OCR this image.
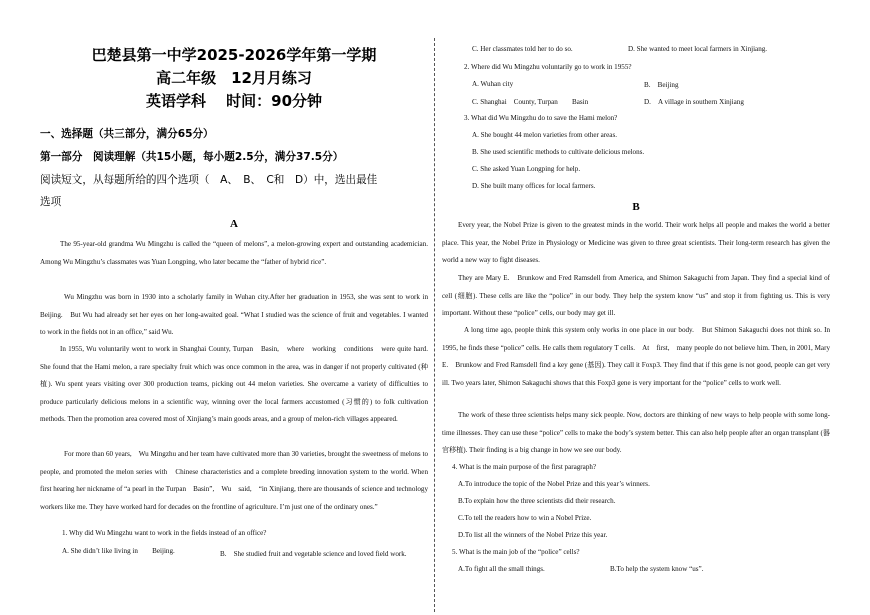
巴楚县第一中学2025-2026学年第一学期
高二年级　12月月练习
英语学科　 时间：90分钟
一、选择题（共三部分，满分65分）
第一部分　阅读理解（共15小题，每小题2.5分，满分37.5分）
阅读短文，从每题所给的四个选项（　A、　B、　C和　D）中，选出最佳
选项
A

The 95-year-old grandma Wu Mingzhu is called the “queen of melons”, a melon-growing expert and outstanding academician. Among Wu Mingzhu’s classmates was Yuan Longping, who later became the “father of hybrid rice”.

Wu Mingzhu was born in 1930 into a scholarly family in Wuhan city.After her graduation in 1953, she was sent to work in　Beijing.　But Wu had already set her eyes on her long-awaited goal. “What I studied was the science of fruit and vegetables. I wanted to work in the fields not in an office,” said Wu.

In 1955, Wu voluntarily went to work in Shanghai County, Turpan　Basin,　where　working　conditions　were quite hard. She found that the Hami melon, a rare specialty fruit which was once common in the area, was in danger if not properly cultivated (种植). Wu spent years visiting over 300 production teams, picking out 44 melon varieties. She overcame a variety of difficulties to produce particularly delicious melons in a scientific way, winning over the local farmers accustomed (习惯的) to folk cultivation methods. Then the promotion area covered most of Xinjiang’s main goods areas, and a group of melon-rich villages appeared.

For more than 60 years,　Wu Mingzhu and her team have cultivated more than 30 varieties, brought the sweetness of melons to people, and promoted the melon series with　Chinese characteristics and a complete breeding innovation system to the world. When first hearing her nickname of “a pearl in the Turpan　Basin”,　Wu　said,　“in Xinjiang, there are thousands of science and technology workers like me. They have worked hard for decades on the frontline of agriculture. I’m just one of the ordinary ones.”

1. Why did Wu Mingzhu want to work in the fields instead of an office?
A. She didn’t like living in　　Beijing.	B.　She studied fruit and vegetable science and loved field work.
C. Her classmates told her to do so.	D. She wanted to meet local farmers in Xinjiang.
2. Where did Wu Mingzhu voluntarily go to work in 1955?
A. Wuhan city	B.　Beijing
C. Shanghai　County, Turpan　　Basin	D.　A village in southern Xinjiang
3. What did Wu Mingzhu do to save the Hami melon?
A. She bought 44 melon varieties from other areas.
B. She used scientific methods to cultivate delicious melons.
C. She asked Yuan Longping for help.
D. She built many offices for local farmers.
B

Every year, the Nobel Prize is given to the greatest minds in the world. Their work helps all people and makes the world a better place. This year, the Nobel Prize in Physiology or Medicine was given to three great scientists. Their long-term research has given the world a new way to fight diseases.

They are Mary E.　Brunkow and Fred Ramsdell from America, and Shimon Sakaguchi from Japan. They find a special kind of cell (细胞). These cells are like the “police” in our body. They help the system know “us” and stop it from fighting us. This is very important. Without these “police” cells, our body may get ill.

A long time ago, people think this system only works in one place in our body.　But Shimon Sakaguchi does not think so. In 1995, he finds these “police” cells. He calls them regulatory T cells.　At　first,　many people do not believe him. Then, in 2001, Mary E.　Brunkow and Fred Ramsdell find a key gene (基因). They call it Foxp3. They find that if this gene is not good, people can get very ill. Two years later, Shimon Sakaguchi shows that this Foxp3 gene is very important for the “police” cells to work well.

The work of these three scientists helps many sick people. Now, doctors are thinking of new ways to help people with some long-time illnesses. They can use these “police” cells to make the body’s system better. This can also help people after an organ transplant (器官移植). Their finding is a big change in how we see our body.

4. What is the main purpose of the first paragraph?
A.To introduce the topic of the Nobel Prize and this year’s winners.
B.To explain how the three scientists did their research.
C.To tell the readers how to win a Nobel Prize.
D.To list all the winners of the Nobel Prize this year.
5. What is the main job of the “police” cells?
A.To fight all the small things.	B.To help the system know “us”.
